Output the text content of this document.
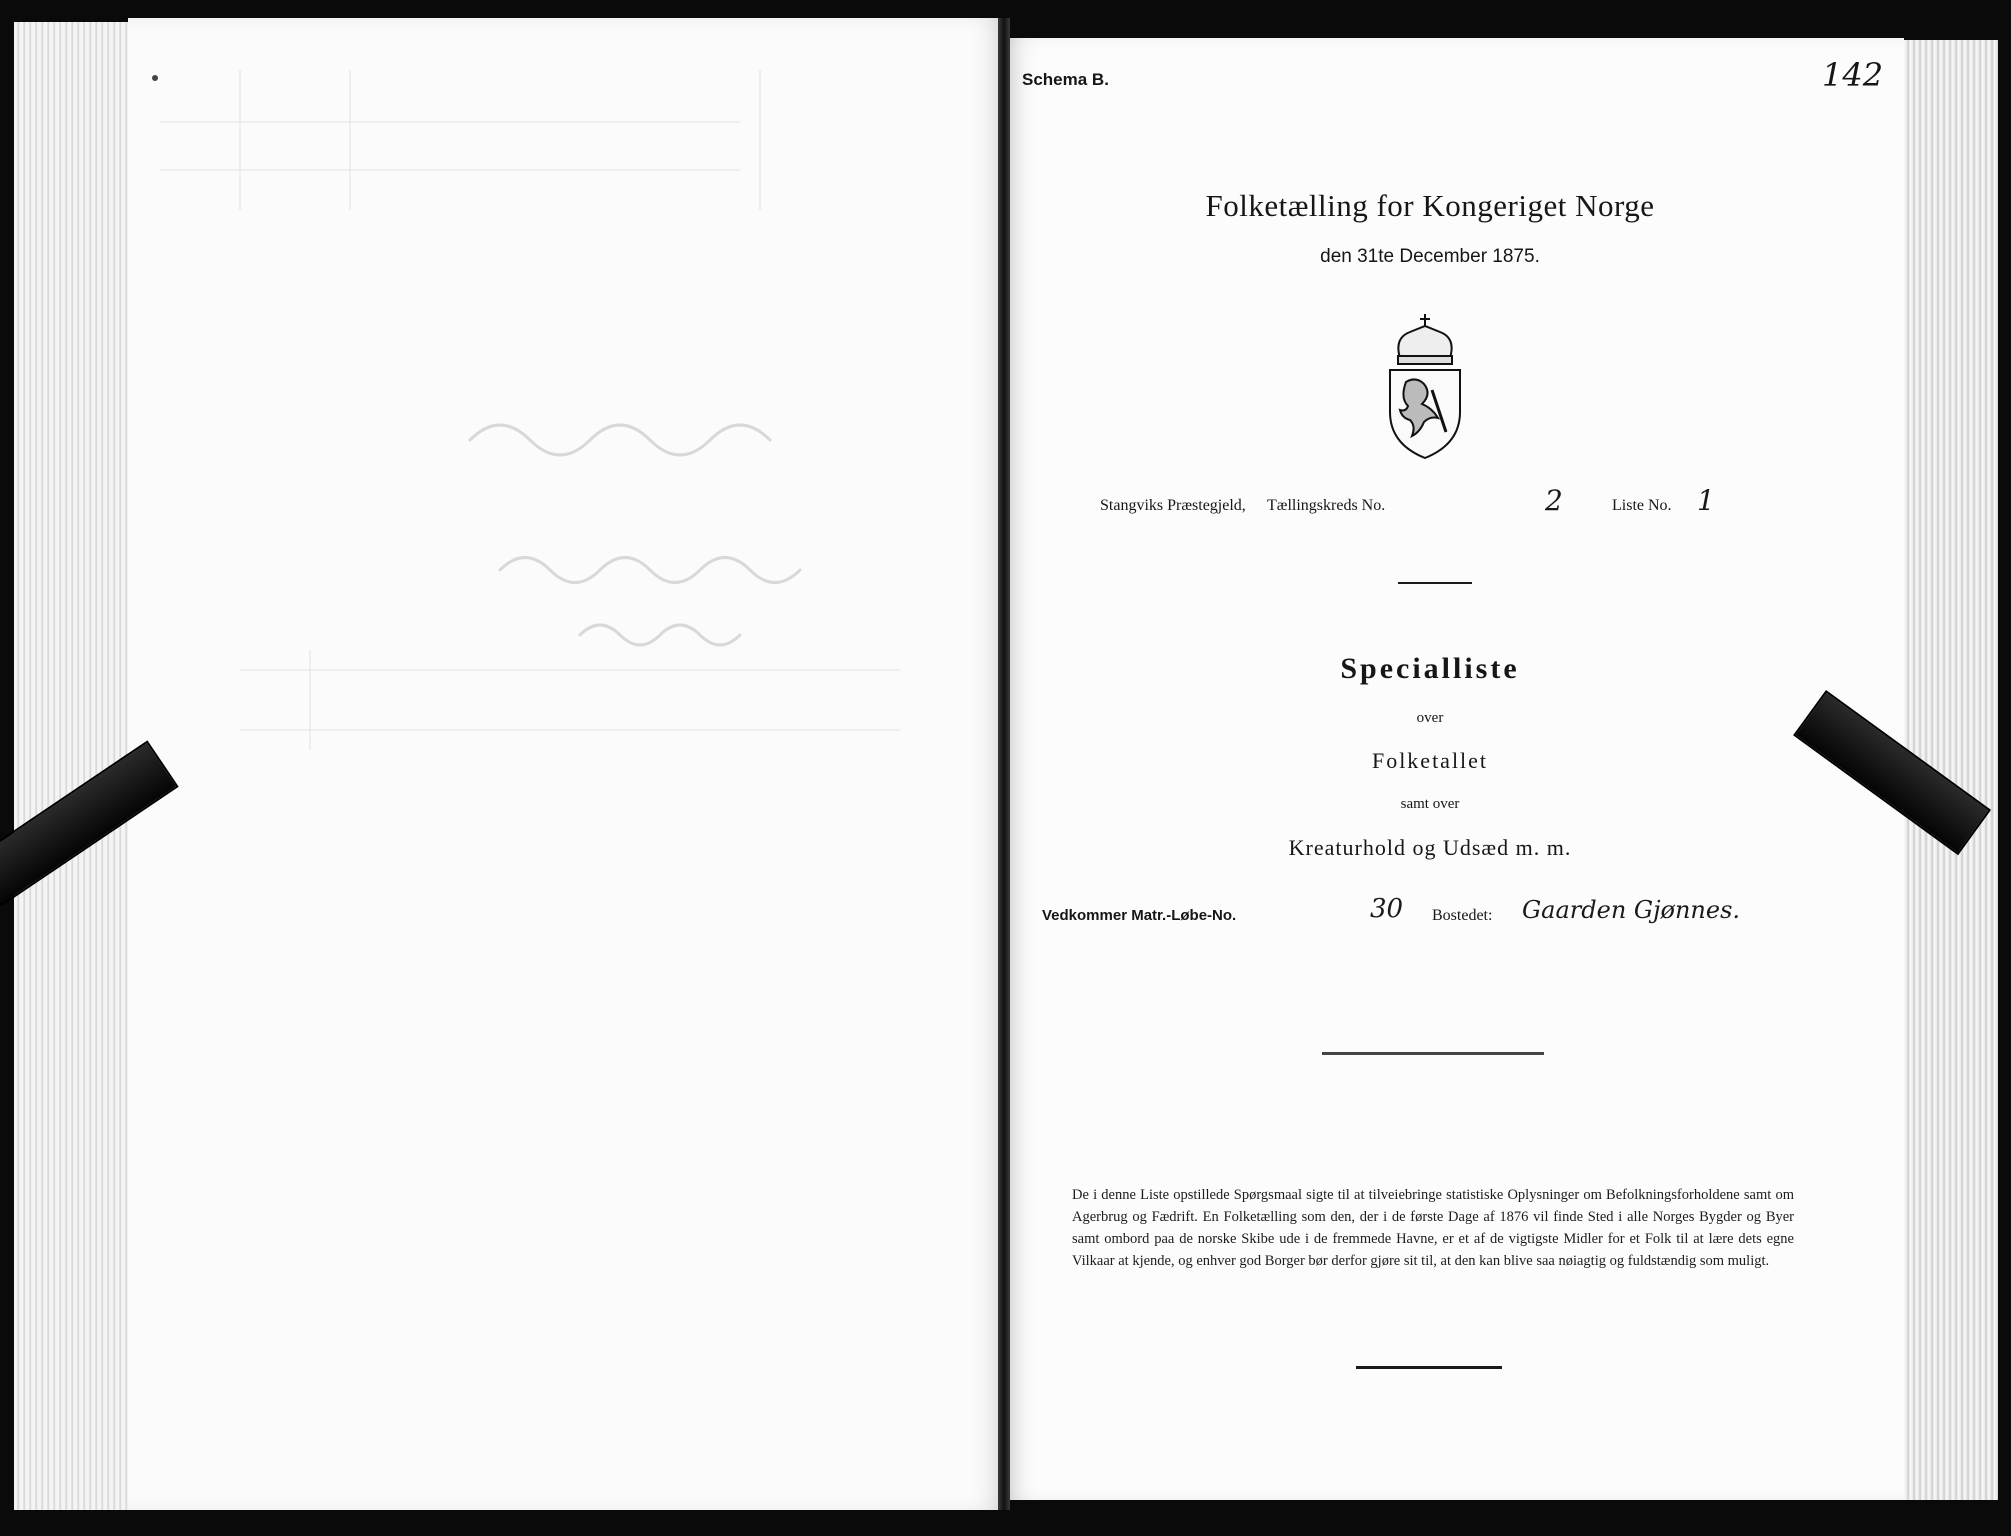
Schema B.	142
Folketælling for Kongeriget Norge
den 31te December 1875.
Stangviks Præstegjeld, Tællingskreds No.	2	Liste No. 1
Specialliste
over
Folketallet
samt over
Kreaturhold og Udsæd m. m.
Vedkommer Matr.-Løbe-No.	30 Bostedet: Gaarden Gjønnes.
De i denne Liste opstillede Spørgsmaal sigte til at tilveiebringe statistiske Oplysninger om Befolkningsforholdene samt om Agerbrug og Fædrift. En Folketælling som den, der i de første Dage af 1876 vil finde Sted i alle Norges Bygder og Byer samt ombord paa de norske Skibe ude i de fremmede Havne, er et af de vigtigste Midler for et Folk til at lære dets egne Vilkaar at kjende, og enhver god Borger bør derfor gjøre sit til, at den kan blive saa nøiagtig og fuldstændig som muligt.
